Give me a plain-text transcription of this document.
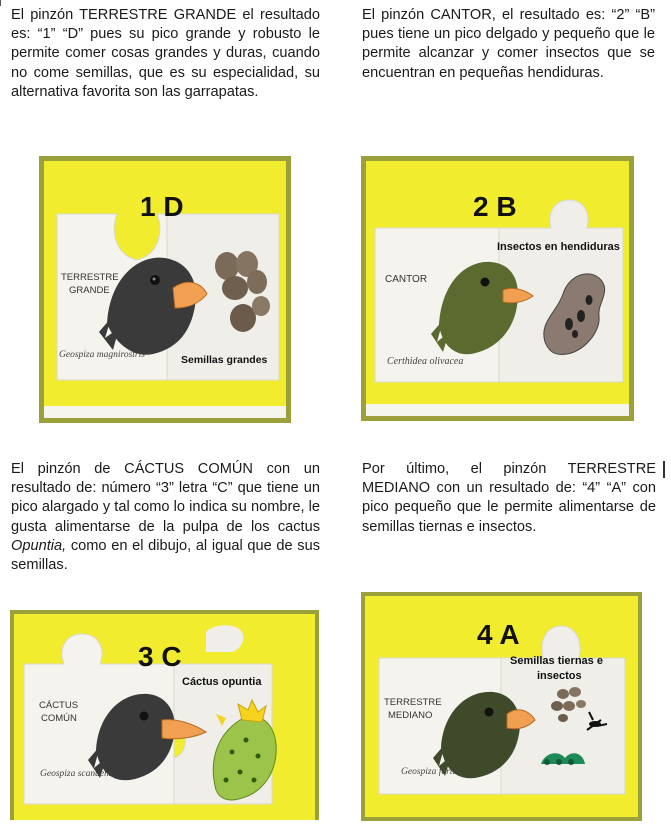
El pinzón TERRESTRE GRANDE el resultado es: “1” “D” pues su pico grande y robusto le permite comer cosas grandes y duras, cuando no come semillas, que es su especialidad, su alternativa favorita son las garrapatas.
El pinzón CANTOR, el resultado es: “2” “B” pues tiene un pico delgado y pequeño que le permite alcanzar y comer insectos que se encuentran en pequeñas hendiduras.
El pinzón de CÁCTUS COMÚN con un resultado de: número “3” letra “C” que tiene un pico alargado y tal como lo indica su nombre, le gusta alimentarse de la pulpa de los cactus Opuntia, como en el dibujo, al igual que de sus semillas.
Por último, el pinzón TERRESTRE MEDIANO con un resultado de: “4” “A” con pico pequeño que le permite alimentarse de semillas tiernas e insectos.
1 D
TERRESTRE
GRANDE
Geospiza magnirostris	Semillas grandes
2 B
Insectos en hendiduras
CANTOR
Certhidea olivacea
3 C
Cáctus opuntia
CÁCTUS
COMÚN
Geospiza scandens
4 A
Semillas tiernas e
insectos
TERRESTRE
MEDIANO
Geospiza fortis
